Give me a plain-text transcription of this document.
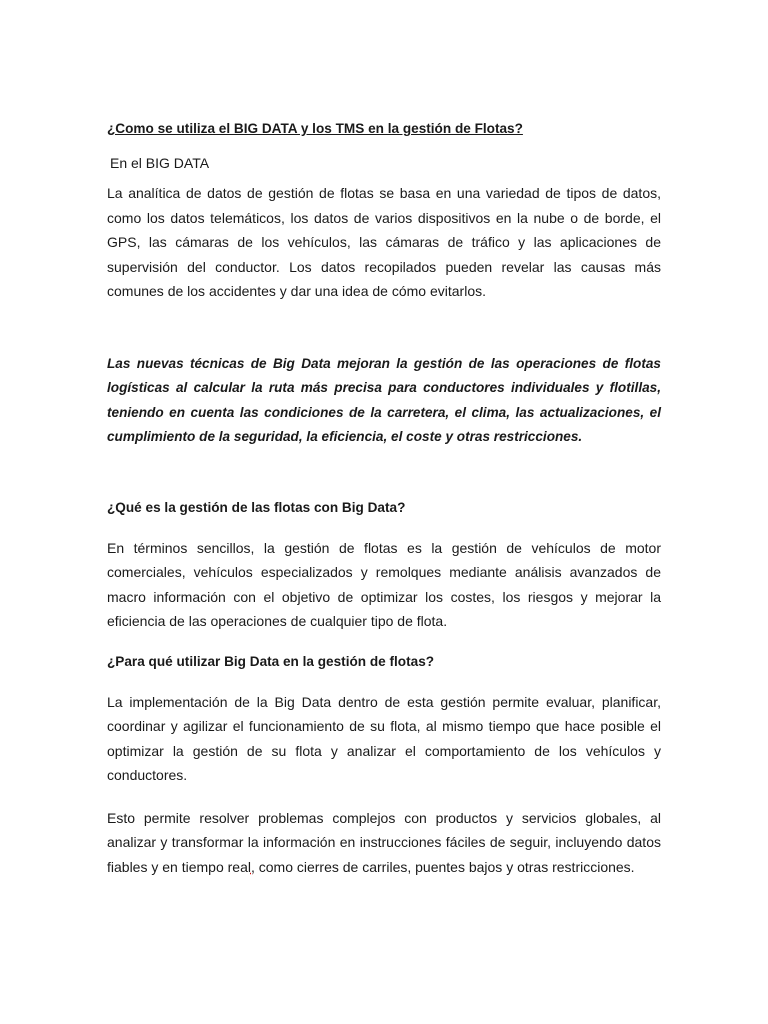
¿Como se utiliza el BIG DATA y los TMS en la gestión de Flotas?

En el BIG DATA

La analítica de datos de gestión de flotas se basa en una variedad de tipos de datos, como los datos telemáticos, los datos de varios dispositivos en la nube o de borde, el GPS, las cámaras de los vehículos, las cámaras de tráfico y las aplicaciones de supervisión del conductor. Los datos recopilados pueden revelar las causas más comunes de los accidentes y dar una idea de cómo evitarlos.

Las nuevas técnicas de Big Data mejoran la gestión de las operaciones de flotas logísticas al calcular la ruta más precisa para conductores individuales y flotillas, teniendo en cuenta las condiciones de la carretera, el clima, las actualizaciones, el cumplimiento de la seguridad, la eficiencia, el coste y otras restricciones.

¿Qué es la gestión de las flotas con Big Data?

En términos sencillos, la gestión de flotas es la gestión de vehículos de motor comerciales, vehículos especializados y remolques mediante análisis avanzados de macro información con el objetivo de optimizar los costes, los riesgos y mejorar la eficiencia de las operaciones de cualquier tipo de flota.

¿Para qué utilizar Big Data en la gestión de flotas?

La implementación de la Big Data dentro de esta gestión permite evaluar, planificar, coordinar y agilizar el funcionamiento de su flota, al mismo tiempo que hace posible el optimizar la gestión de su flota y analizar el comportamiento de los vehículos y conductores.

Esto permite resolver problemas complejos con productos y servicios globales, al analizar y transformar la información en instrucciones fáciles de seguir, incluyendo datos fiables y en tiempo real, como cierres de carriles, puentes bajos y otras restricciones.
